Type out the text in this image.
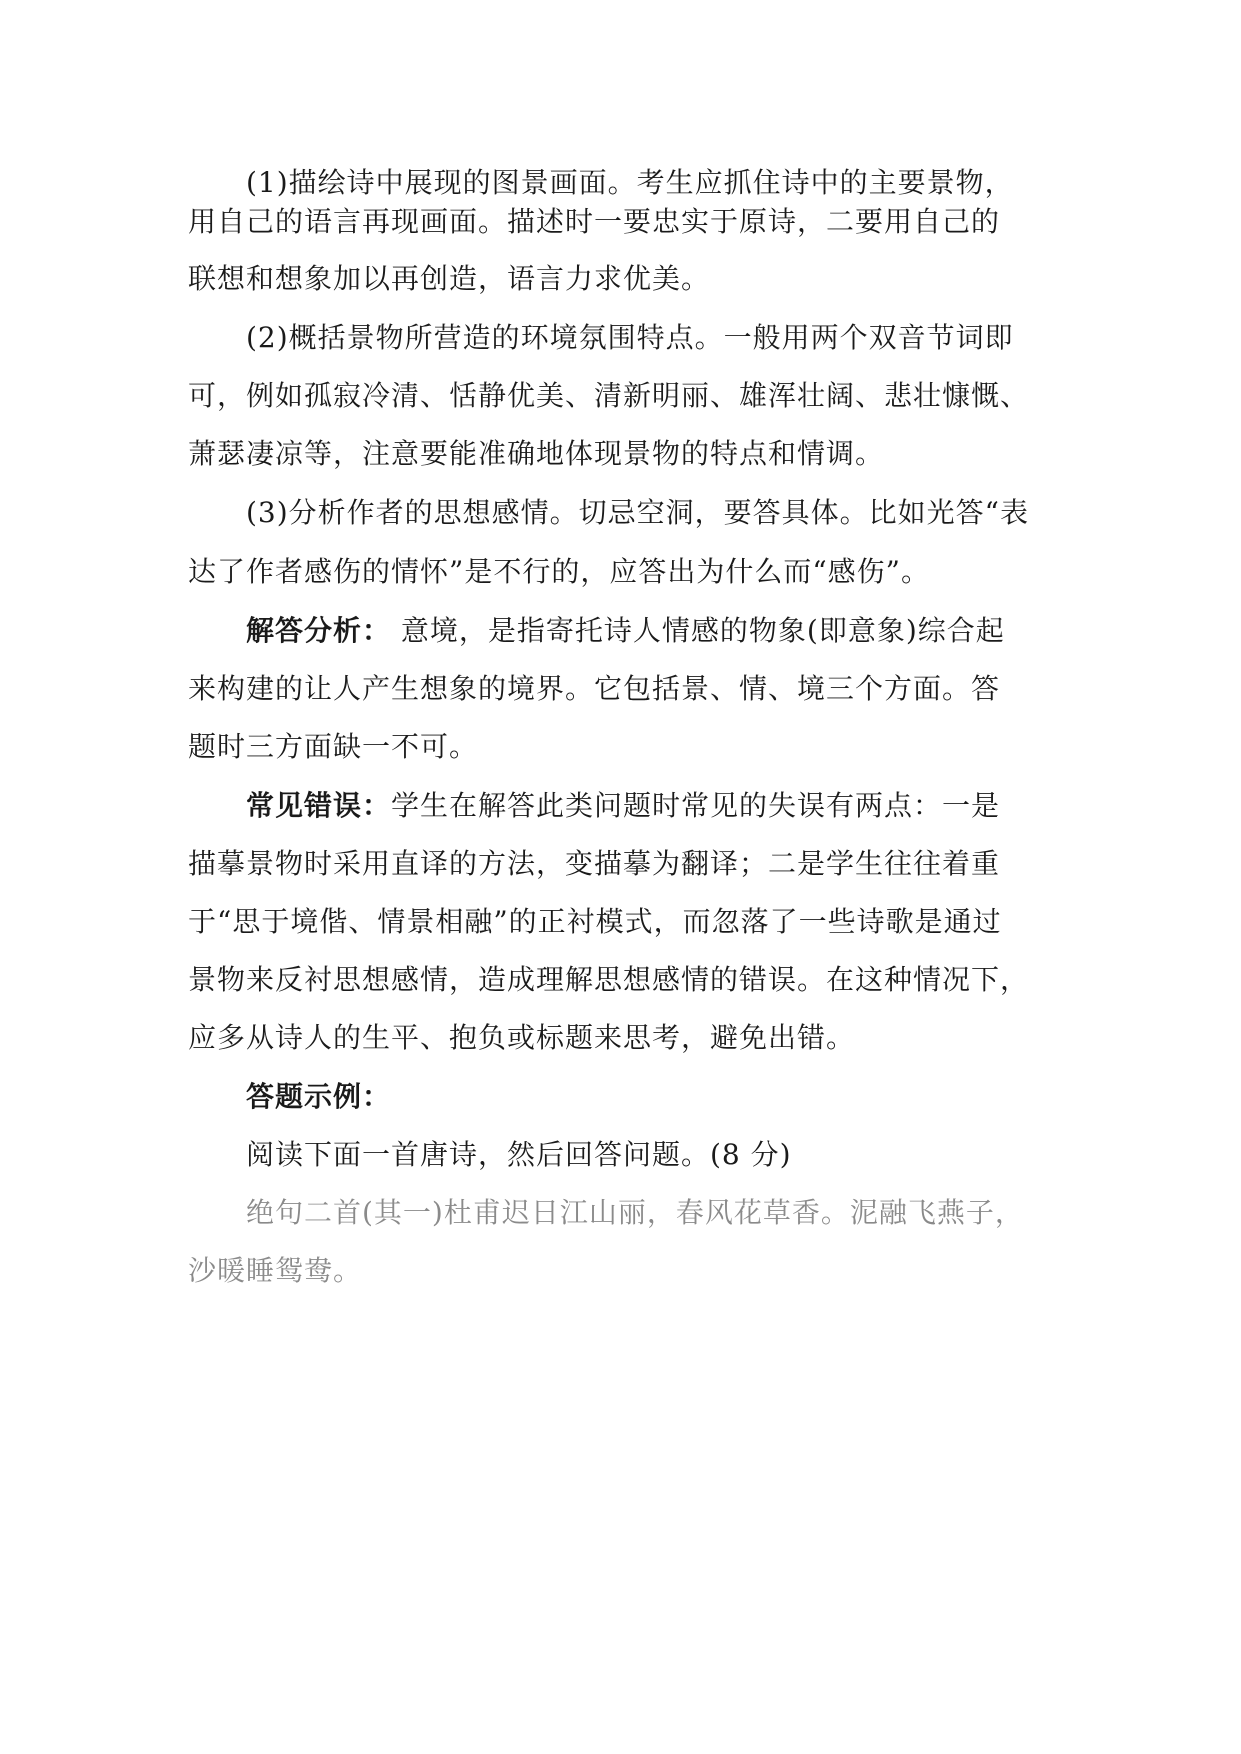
(1)描绘诗中展现的图景画面。考生应抓住诗中的主要景物，
用自己的语言再现画面。描述时一要忠实于原诗，二要用自己的
联想和想象加以再创造，语言力求优美。
(2)概括景物所营造的环境氛围特点。一般用两个双音节词即
可，例如孤寂冷清、恬静优美、清新明丽、雄浑壮阔、悲壮慷慨、
萧瑟凄凉等，注意要能准确地体现景物的特点和情调。
(3)分析作者的思想感情。切忌空洞，要答具体。比如光答“表
达了作者感伤的情怀”是不行的，应答出为什么而“感伤”。
解答分析： 意境，是指寄托诗人情感的物象(即意象)综合起
来构建的让人产生想象的境界。它包括景、情、境三个方面。答
题时三方面缺一不可。
常见错误：学生在解答此类问题时常见的失误有两点：一是
描摹景物时采用直译的方法，变描摹为翻译；二是学生往往着重
于“思于境偕、情景相融”的正衬模式，而忽落了一些诗歌是通过
景物来反衬思想感情，造成理解思想感情的错误。在这种情况下，
应多从诗人的生平、抱负或标题来思考，避免出错。
答题示例：
阅读下面一首唐诗，然后回答问题。(8 分)
绝句二首(其一)杜甫迟日江山丽，春风花草香。泥融飞燕子，
沙暖睡鸳鸯。
